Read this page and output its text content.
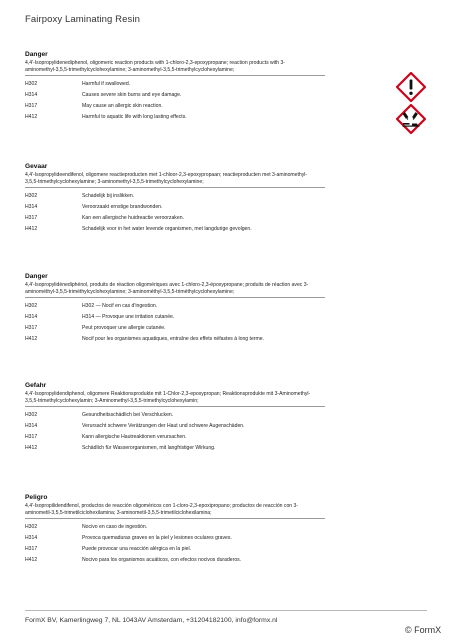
Fairpoxy Laminating Resin
Danger
4,4'-Isopropylidenediphenol, oligomeric reaction products with 1-chloro-2,3-epoxypropane; reaction products with 3-aminomethyl-3,5,5-trimethylcyclohexylamine; 3-aminomethyl-3,5,5-trimethylcyclohexylamine;
H302	Harmful if swallowed.
H314	Causes severe skin burns and eye damage.
H317	May cause an allergic skin reaction.
H412	Harmful to aquatic life with long lasting effects.
Gevaar
4,4'-Isopropylideendifenol, oligomere reactieproducten met 1-chloor-2,3-epoxypropaan; reactieproducten met 3-aminomethyl-3,5,5-trimethylcyclohexylamine; 3-aminomethyl-3,5,5-trimethylcyclohexylamine;
H302	Schadelijk bij inslikken.
H314	Veroorzaakt ernstige brandwonden.
H317	Kan een allergische huidreactie veroorzaken.
H412	Schadelijk voor in het water levende organismen, met langdurige gevolgen.
Danger
4,4'-Isopropylidènediphénol, produits de réaction oligomériques avec 1-chloro-2,3-époxypropane; produits de réaction avec 3-aminométhyl-3,5,5-triméthylcyclohexylamine; 3-aminométhyl-3,5,5-triméthylcyclohexylamine;
H302	H302 — Nocif en cas d'ingestion.
H314	H314 — Provoque une irritation cutanée.
H317	Peut provoquer une allergie cutanée.
H412	Nocif pour les organismes aquatiques, entraîne des effets néfastes à long terme.
Gefahr
4,4'-Isopropylidendiphenol, oligomere Reaktionsprodukte mit 1-Chlor-2,3-epoxypropan; Reaktionsprodukte mit 3-Aminomethyl-3,5,5-trimethylcyclohexylamin; 3-Aminomethyl-3,5,5-trimethylcyclohexylamin;
H302	Gesundheitsschädlich bei Verschlucken.
H314	Verursacht schwere Verätzungen der Haut und schwere Augenschäden.
H317	Kann allergische Hautreaktionen verursachen.
H412	Schädlich für Wasserorganismen, mit langfristiger Wirkung.
Peligro
4,4'-Isopropilidendifenol, productos de reacción oligoméricos con 1-cloro-2,3-epoxipropano; productos de reacción con 3-aminometil-3,5,5-trimetilciclohexilamina; 3-aminometil-3,5,5-trimetilciclohexilamina;
H302	Nocivo en caso de ingestión.
H314	Provoca quemaduras graves en la piel y lesiones oculares graves.
H317	Puede provocar una reacción alérgica en la piel.
H412	Nocivo para los organismos acuáticos, con efectos nocivos duraderos.
FormX BV, Kamerlingweg 7, NL 1043AV Amsterdam, +31204182100, info@formx.nl
© FormX
